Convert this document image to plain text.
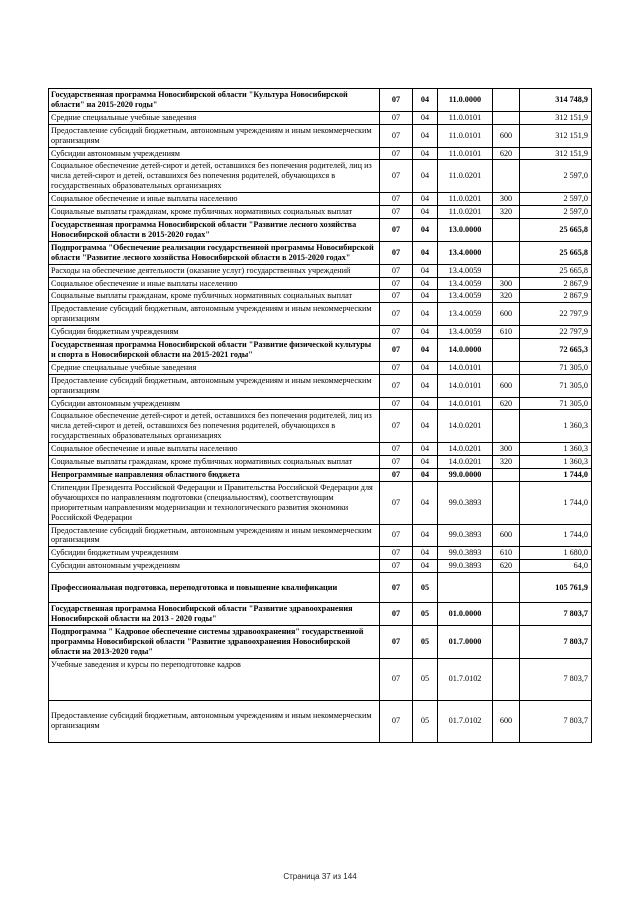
Государственная программа Новосибирской области "Культура Новосибирской области" на 2015-2020 годы"	07	04	11.0.0000		314 748,9
Средние специальные учебные заведения	07	04	11.0.0101		312 151,9
Предоставление субсидий бюджетным, автономным учреждениям и иным некоммерческим организациям	07	04	11.0.0101	600	312 151,9
Субсидии автономным учреждениям	07	04	11.0.0101	620	312 151,9
Социальное обеспечение детей-сирот и детей, оставшихся без попечения родителей, лиц из числа детей-сирот и детей, оставшихся без попечения родителей, обучающихся в государственных образовательных организациях	07	04	11.0.0201		2 597,0
Социальное обеспечение и иные выплаты населению	07	04	11.0.0201	300	2 597,0
Социальные выплаты гражданам, кроме публичных нормативных социальных выплат	07	04	11.0.0201	320	2 597,0
Государственная программа Новосибирской области "Развитие лесного хозяйства Новосибирской области в 2015-2020 годах"	07	04	13.0.0000		25 665,8
Подпрограмма "Обеспечение реализации государственной программы Новосибирской области "Развитие лесного хозяйства Новосибирской области в 2015-2020 годах"	07	04	13.4.0000		25 665,8
Расходы на обеспечение деятельности (оказание услуг) государственных учреждений	07	04	13.4.0059		25 665,8
Социальное обеспечение и иные выплаты населению	07	04	13.4.0059	300	2 867,9
Социальные выплаты гражданам, кроме публичных нормативных социальных выплат	07	04	13.4.0059	320	2 867,9
Предоставление субсидий бюджетным, автономным учреждениям и иным некоммерческим организациям	07	04	13.4.0059	600	22 797,9
Субсидии бюджетным учреждениям	07	04	13.4.0059	610	22 797,9
Государственная программа Новосибирской области "Развитие физической культуры и спорта в Новосибирской области на 2015-2021 годы"	07	04	14.0.0000		72 665,3
Средние специальные учебные заведения	07	04	14.0.0101		71 305,0
Предоставление субсидий бюджетным, автономным учреждениям и иным некоммерческим организациям	07	04	14.0.0101	600	71 305,0
Субсидии автономным учреждениям	07	04	14.0.0101	620	71 305,0
Социальное обеспечение детей-сирот и детей, оставшихся без попечения родителей, лиц из числа детей-сирот и детей, оставшихся без попечения родителей, обучающихся в государственных образовательных организациях	07	04	14.0.0201		1 360,3
Социальное обеспечение и иные выплаты населению	07	04	14.0.0201	300	1 360,3
Социальные выплаты гражданам, кроме публичных нормативных социальных выплат	07	04	14.0.0201	320	1 360,3
Непрограммные направления областного бюджета	07	04	99.0.0000		1 744,0
Стипендии Президента Российской Федерации и Правительства Российской Федерации для обучающихся по направлениям подготовки (специальностям), соответствующим приоритетным направлениям модернизации и технологического развития экономики Российской Федерации	07	04	99.0.3893		1 744,0
Предоставление субсидий бюджетным, автономным учреждениям и иным некоммерческим организациям	07	04	99.0.3893	600	1 744,0
Субсидии бюджетным учреждениям	07	04	99.0.3893	610	1 680,0
Субсидии автономным учреждениям	07	04	99.0.3893	620	64,0
Профессиональная подготовка, переподготовка и повышение квалификации	07	05			105 761,9
Государственная программа Новосибирской области "Развитие здравоохранения Новосибирской области на 2013 - 2020 годы"	07	05	01.0.0000		7 803,7
Подпрограмма " Кадровое обеспечение системы здравоохранения" государственной программы Новосибирской области "Развитие здравоохранения Новосибирской области на 2013-2020 годы"	07	05	01.7.0000		7 803,7
Учебные заведения и курсы по переподготовке кадров	07	05	01.7.0102		7 803,7
Предоставление субсидий бюджетным, автономным учреждениям и иным некоммерческим организациям	07	05	01.7.0102	600	7 803,7
Страница 37 из 144
